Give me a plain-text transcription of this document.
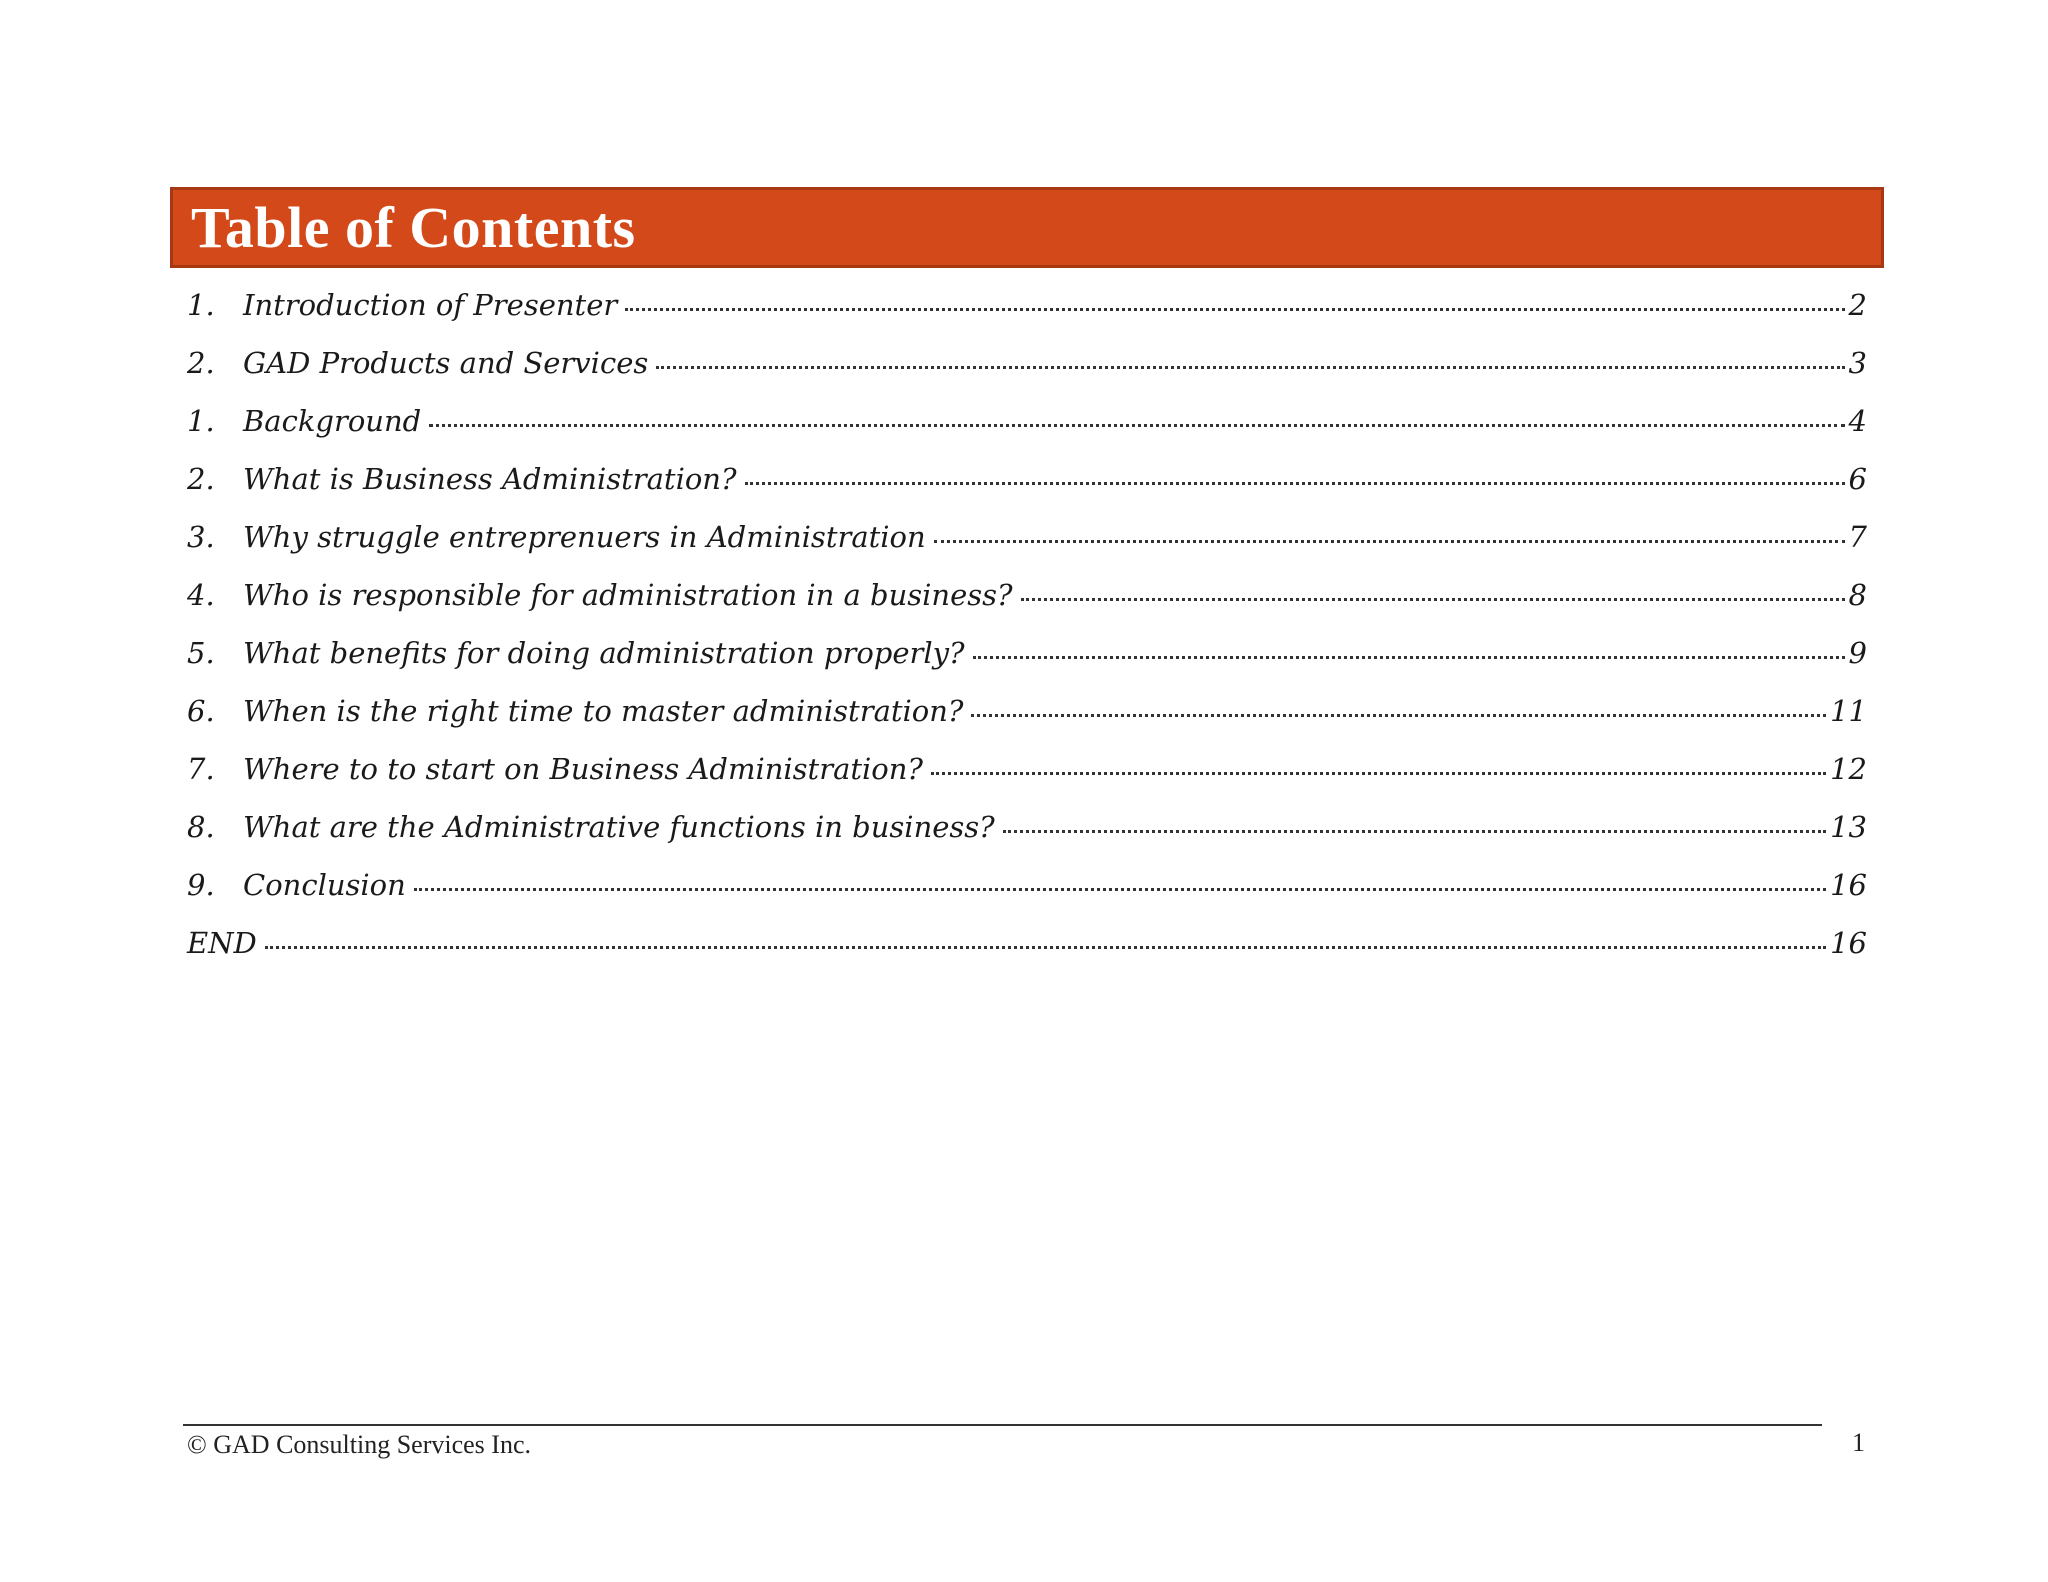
Table of Contents
1. Introduction of Presenter	2
2. GAD Products and Services	3
1. Background	4
2. What is Business Administration?	6
3. Why struggle entreprenuers in Administration	7
4. Who is responsible for administration in a business?	8
5. What benefits for doing administration properly?	9
6. When is the right time to master administration?	11
7. Where to to start on Business Administration?	12
8. What are the Administrative functions in business?	13
9. Conclusion	16
END	16
© GAD Consulting Services Inc.	1
